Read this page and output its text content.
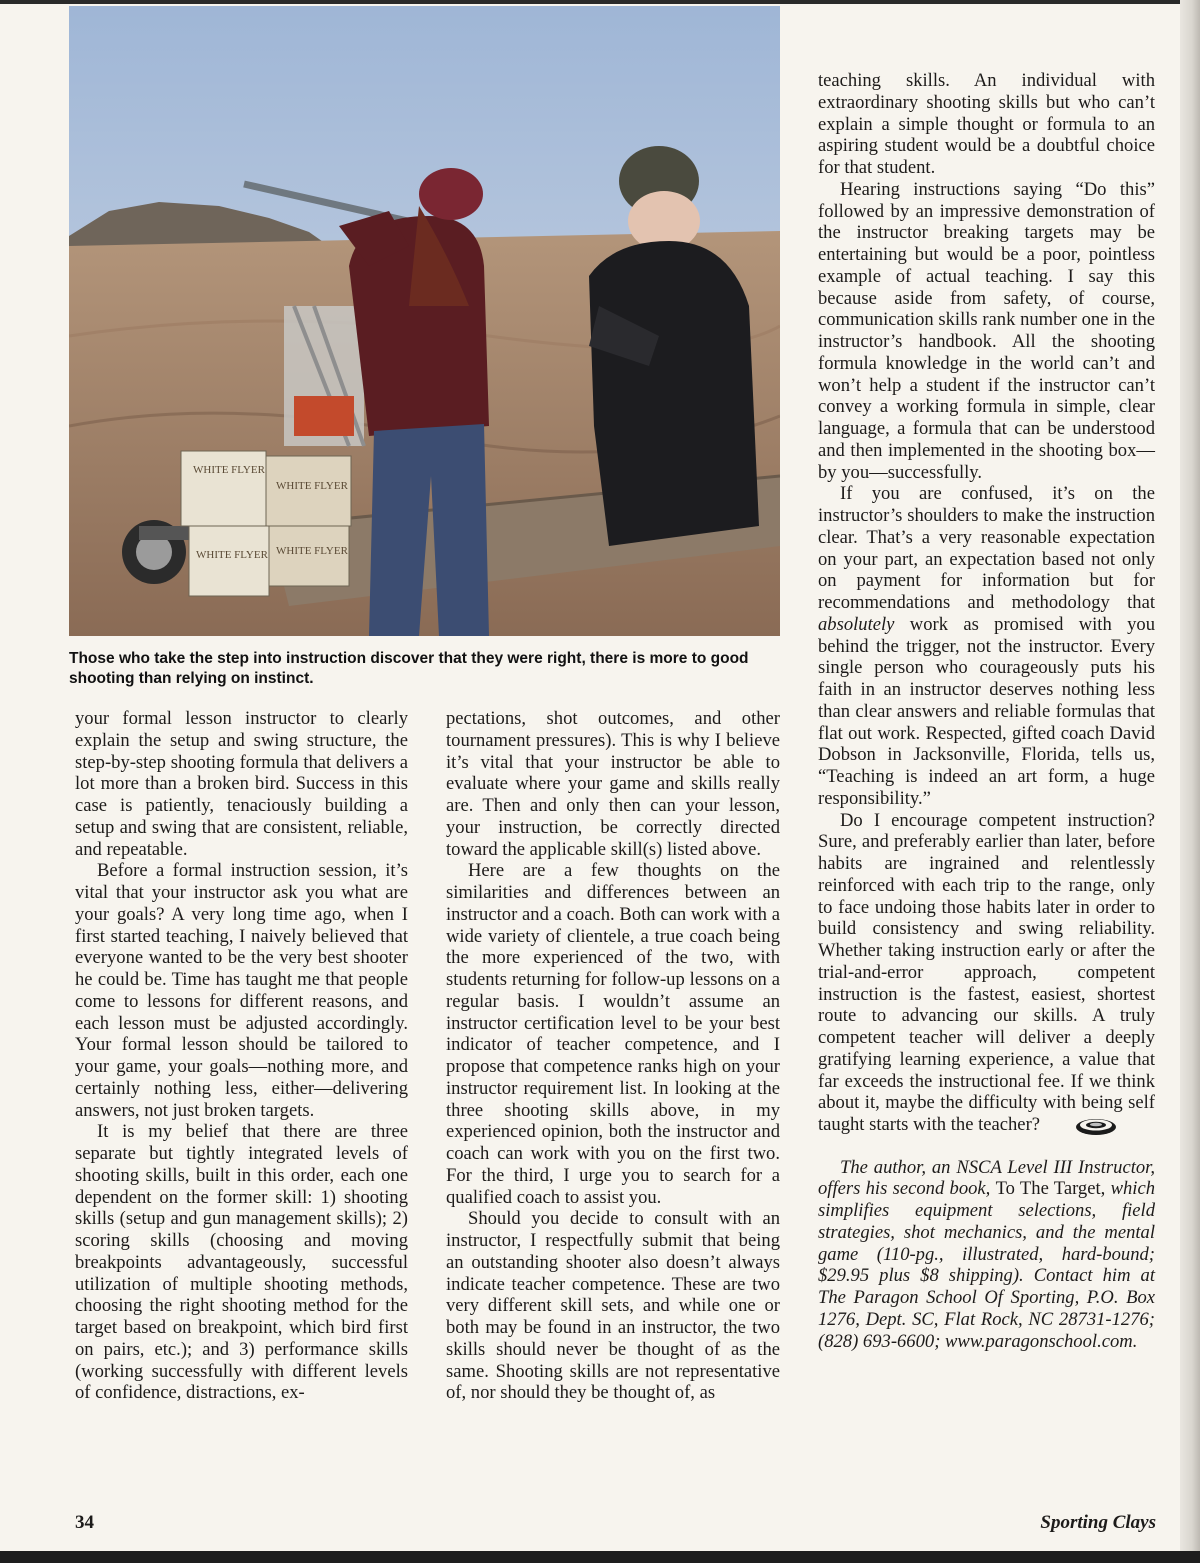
WHITE FLYER
WHITE FLYER
WHITE FLYER WHITE FLYER

Those who take the step into instruction discover that they were right, there is more to good shooting than relying on instinct.

your formal lesson instructor to clearly explain the setup and swing structure, the step-by-step shooting formula that delivers a lot more than a broken bird. Success in this case is patiently, tenaciously building a setup and swing that are consistent, reliable, and repeatable.

Before a formal instruction session, it’s vital that your instructor ask you what are your goals? A very long time ago, when I first started teaching, I naively believed that everyone wanted to be the very best shooter he could be. Time has taught me that people come to lessons for different reasons, and each lesson must be adjusted accordingly. Your formal lesson should be tailored to your game, your goals—nothing more, and certainly nothing less, either—delivering answers, not just broken targets.

It is my belief that there are three separate but tightly integrated levels of shooting skills, built in this order, each one dependent on the former skill: 1) shooting skills (setup and gun management skills); 2) scoring skills (choosing and moving breakpoints advantageously, successful utilization of multiple shooting methods, choosing the right shooting method for the target based on breakpoint, which bird first on pairs, etc.); and 3) performance skills (working successfully with different levels of confidence, distractions, ex-

pectations, shot outcomes, and other tournament pressures). This is why I believe it’s vital that your instructor be able to evaluate where your game and skills really are. Then and only then can your lesson, your instruction, be correctly directed toward the applicable skill(s) listed above.

Here are a few thoughts on the similarities and differences between an instructor and a coach. Both can work with a wide variety of clientele, a true coach being the more experienced of the two, with students returning for follow-up lessons on a regular basis. I wouldn’t assume an instructor certification level to be your best indicator of teacher competence, and I propose that competence ranks high on your instructor requirement list. In looking at the three shooting skills above, in my experienced opinion, both the instructor and coach can work with you on the first two. For the third, I urge you to search for a qualified coach to assist you.

Should you decide to consult with an instructor, I respectfully submit that being an outstanding shooter also doesn’t always indicate teacher competence. These are two very different skill sets, and while one or both may be found in an instructor, the two skills should never be thought of as the same. Shooting skills are not representative of, nor should they be thought of, as

teaching skills. An individual with extraordinary shooting skills but who can’t explain a simple thought or formula to an aspiring student would be a doubtful choice for that student.

Hearing instructions saying “Do this” followed by an impressive demonstration of the instructor breaking targets may be entertaining but would be a poor, pointless example of actual teaching. I say this because aside from safety, of course, communication skills rank number one in the instructor’s handbook. All the shooting formula knowledge in the world can’t and won’t help a student if the instructor can’t convey a working formula in simple, clear language, a formula that can be understood and then implemented in the shooting box—by you—successfully.

If you are confused, it’s on the instructor’s shoulders to make the instruction clear. That’s a very reasonable expectation on your part, an expectation based not only on payment for information but for recommendations and methodology that absolutely work as promised with you behind the trigger, not the instructor. Every single person who courageously puts his faith in an instructor deserves nothing less than clear answers and reliable formulas that flat out work. Respected, gifted coach David Dobson in Jacksonville, Florida, tells us, “Teaching is indeed an art form, a huge responsibility.”

Do I encourage competent instruction? Sure, and preferably earlier than later, before habits are ingrained and relentlessly reinforced with each trip to the range, only to face undoing those habits later in order to build consistency and swing reliability. Whether taking instruction early or after the trial-and-error approach, competent instruction is the fastest, easiest, shortest route to advancing our skills. A truly competent teacher will deliver a deeply gratifying learning experience, a value that far exceeds the instructional fee. If we think about it, maybe the difficulty with being self taught starts with the teacher?

The author, an NSCA Level III Instructor, offers his second book, To The Target, which simplifies equipment selections, field strategies, shot mechanics, and the mental game (110-pg., illustrated, hard-bound; $29.95 plus $8 shipping). Contact him at The Paragon School Of Sporting, P.O. Box 1276, Dept. SC, Flat Rock, NC 28731-1276; (828) 693-6600; www.paragonschool.com.

34	Sporting Clays
